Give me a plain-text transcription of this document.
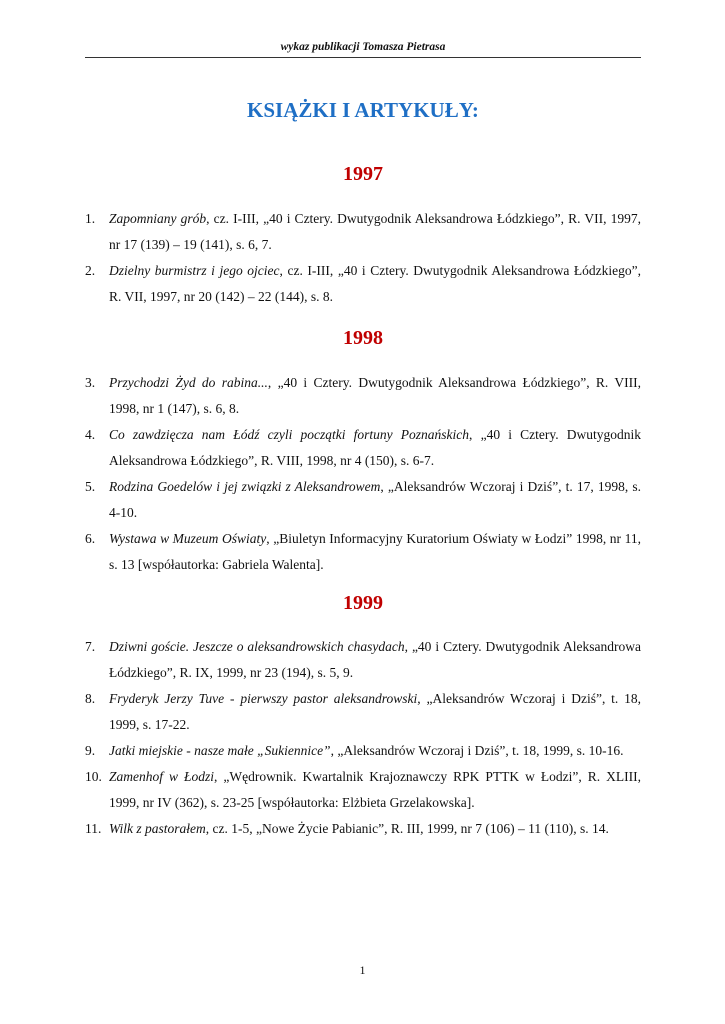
wykaz publikacji Tomasza Pietrasa
KSIĄŻKI I ARTYKUŁY:
1997
1. Zapomniany grób, cz. I-III, „40 i Cztery. Dwutygodnik Aleksandrowa Łódzkiego”, R. VII, 1997, nr 17 (139) – 19 (141), s. 6, 7.
2. Dzielny burmistrz i jego ojciec, cz. I-III, „40 i Cztery. Dwutygodnik Aleksandrowa Łódzkiego”, R. VII, 1997, nr 20 (142) – 22 (144), s. 8.
1998
3. Przychodzi Żyd do rabina..., „40 i Cztery. Dwutygodnik Aleksandrowa Łódzkiego”, R. VIII, 1998, nr 1 (147), s. 6, 8.
4. Co zawdzięcza nam Łódź czyli początki fortuny Poznańskich, „40 i Cztery. Dwutygodnik Aleksandrowa Łódzkiego”, R. VIII, 1998, nr 4 (150), s. 6-7.
5. Rodzina Goedelów i jej związki z Aleksandrowem, „Aleksandrów Wczoraj i Dziś”, t. 17, 1998, s. 4-10.
6. Wystawa w Muzeum Oświaty, „Biuletyn Informacyjny Kuratorium Oświaty w Łodzi” 1998, nr 11, s. 13 [współautorka: Gabriela Walenta].
1999
7. Dziwni goście. Jeszcze o aleksandrowskich chasydach, „40 i Cztery. Dwutygodnik Aleksandrowa Łódzkiego”, R. IX, 1999, nr 23 (194), s. 5, 9.
8. Fryderyk Jerzy Tuve - pierwszy pastor aleksandrowski, „Aleksandrów Wczoraj i Dziś”, t. 18, 1999, s. 17-22.
9. Jatki miejskie - nasze małe „Sukiennice”, „Aleksandrów Wczoraj i Dziś”, t. 18, 1999, s. 10-16.
10. Zamenhof w Łodzi, „Wędrownik. Kwartalnik Krajoznawczy RPK PTTK w Łodzi”, R. XLIII, 1999, nr IV (362), s. 23-25 [współautorka: Elżbieta Grzelakowska].
11. Wilk z pastorałem, cz. 1-5, „Nowe Życie Pabianic”, R. III, 1999, nr 7 (106) – 11 (110), s. 14.
1
